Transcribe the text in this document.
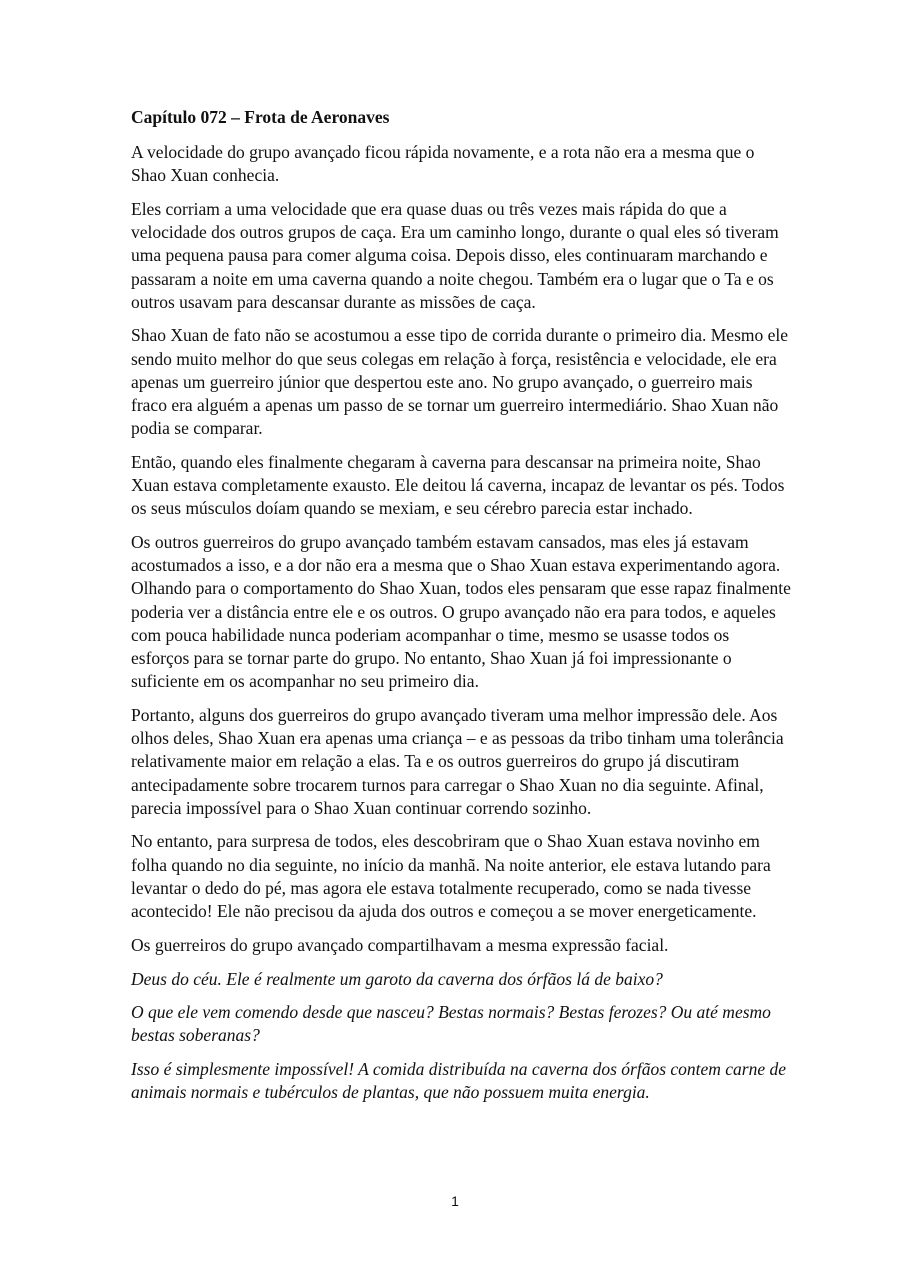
Capítulo 072 – Frota de Aeronaves

A velocidade do grupo avançado ficou rápida novamente, e a rota não era a mesma que o Shao Xuan conhecia.

Eles corriam a uma velocidade que era quase duas ou três vezes mais rápida do que a velocidade dos outros grupos de caça. Era um caminho longo, durante o qual eles só tiveram uma pequena pausa para comer alguma coisa. Depois disso, eles continuaram marchando e passaram a noite em uma caverna quando a noite chegou. Também era o lugar que o Ta e os outros usavam para descansar durante as missões de caça.

Shao Xuan de fato não se acostumou a esse tipo de corrida durante o primeiro dia. Mesmo ele sendo muito melhor do que seus colegas em relação à força, resistência e velocidade, ele era apenas um guerreiro júnior que despertou este ano. No grupo avançado, o guerreiro mais fraco era alguém a apenas um passo de se tornar um guerreiro intermediário. Shao Xuan não podia se comparar.

Então, quando eles finalmente chegaram à caverna para descansar na primeira noite, Shao Xuan estava completamente exausto. Ele deitou lá caverna, incapaz de levantar os pés. Todos os seus músculos doíam quando se mexiam, e seu cérebro parecia estar inchado.

Os outros guerreiros do grupo avançado também estavam cansados, mas eles já estavam acostumados a isso, e a dor não era a mesma que o Shao Xuan estava experimentando agora. Olhando para o comportamento do Shao Xuan, todos eles pensaram que esse rapaz finalmente poderia ver a distância entre ele e os outros. O grupo avançado não era para todos, e aqueles com pouca habilidade nunca poderiam acompanhar o time, mesmo se usasse todos os esforços para se tornar parte do grupo. No entanto, Shao Xuan já foi impressionante o suficiente em os acompanhar no seu primeiro dia.

Portanto, alguns dos guerreiros do grupo avançado tiveram uma melhor impressão dele. Aos olhos deles, Shao Xuan era apenas uma criança – e as pessoas da tribo tinham uma tolerância relativamente maior em relação a elas. Ta e os outros guerreiros do grupo já discutiram antecipadamente sobre trocarem turnos para carregar o Shao Xuan no dia seguinte. Afinal, parecia impossível para o Shao Xuan continuar correndo sozinho.

No entanto, para surpresa de todos, eles descobriram que o Shao Xuan estava novinho em folha quando no dia seguinte, no início da manhã. Na noite anterior, ele estava lutando para levantar o dedo do pé, mas agora ele estava totalmente recuperado, como se nada tivesse acontecido! Ele não precisou da ajuda dos outros e começou a se mover energeticamente.

Os guerreiros do grupo avançado compartilhavam a mesma expressão facial.

Deus do céu. Ele é realmente um garoto da caverna dos órfãos lá de baixo?

O que ele vem comendo desde que nasceu? Bestas normais? Bestas ferozes? Ou até mesmo bestas soberanas?

Isso é simplesmente impossível! A comida distribuída na caverna dos órfãos contem carne de animais normais e tubérculos de plantas, que não possuem muita energia.

1
